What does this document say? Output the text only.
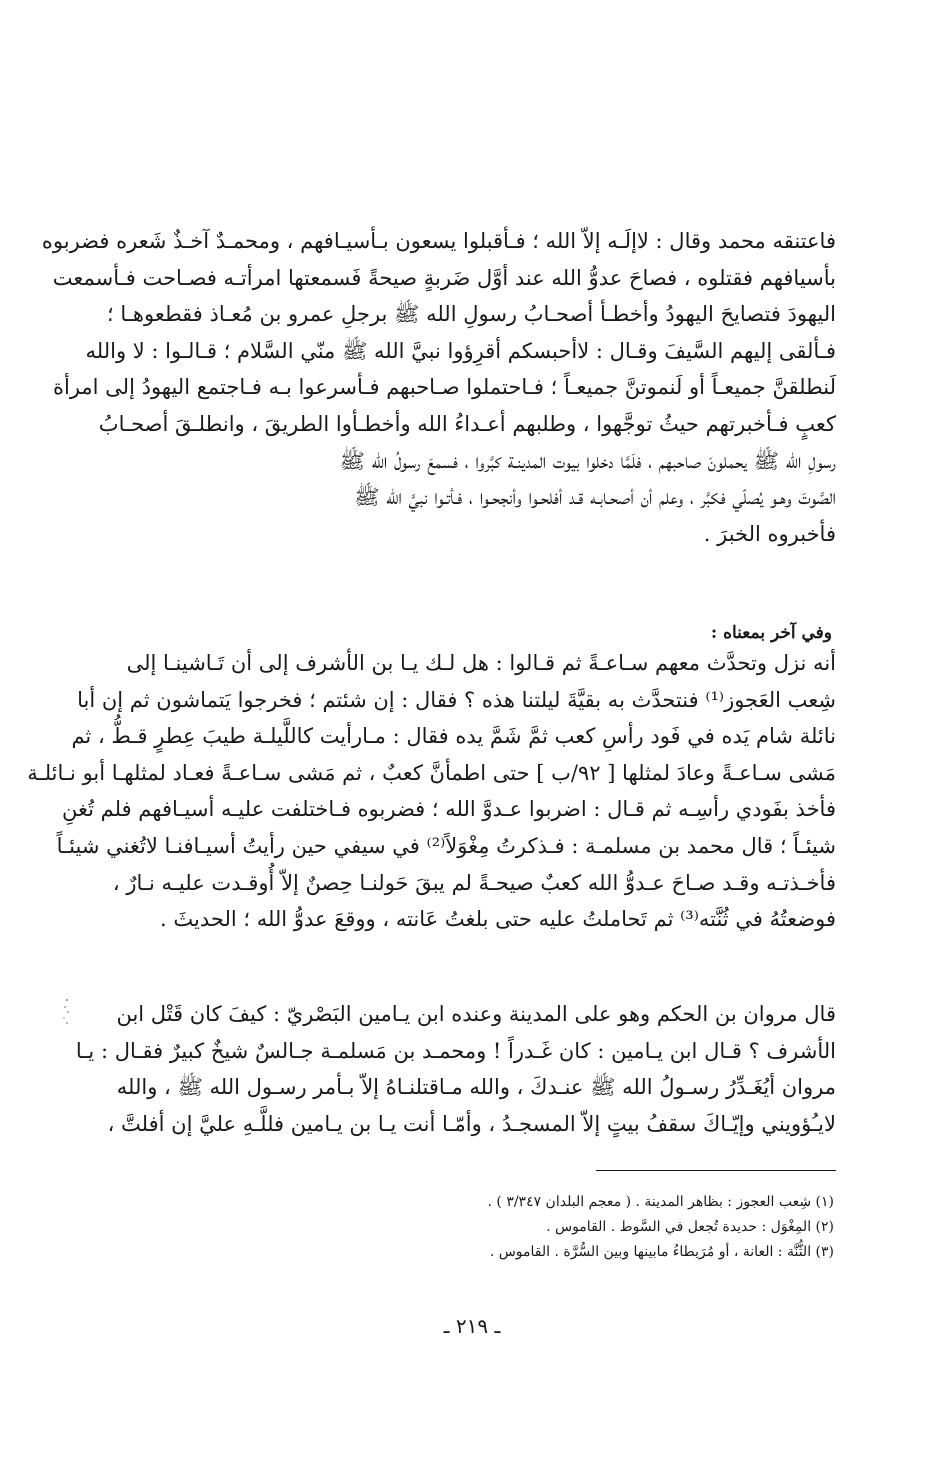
فاعتنقه محمد وقال : لاإلَـه إلاّ الله ؛ فـأقبلوا يسعون بـأسيـافهم ، ومحمـدٌ آخـذٌ شَعره فضربوه
بأسيافهم فقتلوه ، فصاحَ عدوُّ الله عند أوَّل ضَربةٍ صيحةً فَسمعتها امرأتـه فصـاحت فـأسمعت
اليهودَ فتصايحَ اليهودُ وأخطـأ أصحـابُ رسولِ الله ﷺ برجلِ عمرو بن مُعـاذ فقطعوهـا ؛
فـألقى إليهم السَّيفَ وقـال : لاأحبسكم أقرِؤوا نبيَّ الله ﷺ منّي السَّلام ؛ قـالـوا : لا والله
لَنطلقنَّ جميعـاً أو لَنموتنَّ جميعـاً ؛ فـاحتملوا صـاحبهم فـأسرعوا بـه فـاجتمع اليهودُ إلى امرأة
كعبٍ فـأخبرتهم حيثُ توجَّهوا ، وطلبهم أعـداءُ الله وأخطـأوا الطريقَ ، وانطلـقَ أصحـابُ
رسولِ الله ﷺ يحملونَ صاحبهم ، فلَمَّا دخلوا بيوت المدينـة كبَّروا ، فسمعَ رسولُ الله ﷺ
الصَّوتَ وهـو يُصلّي فكبَّر ، وعلم أن أصحـابـه قـد أفلحـوا وأنجحـوا ، فـأتـوا نبيَّ الله ﷺ
فأخبروه الخبرَ .
وفي آخر بمعناه :
أنه نزل وتحدَّث معهم سـاعـةً ثم قـالوا : هل لـك يـا بن الأشرف إلى أن تَـاشينـا إلى
شِعب العَجوز⁽¹⁾ فنتحدَّث به بقيَّةَ ليلتنا هذه ؟ فقال : إن شئتم ؛ فخرجوا يَتماشون ثم إن أبا
نائلة شام يَده في فَود رأسِ كعب ثمَّ شَمَّ يده فقال : مـارأيت كاللَّيلـة طيبَ عِطرٍ قـطُّ ، ثم
مَشى سـاعـةً وعادَ لمثلها [ ٩٢/ب ] حتى اطمأنَّ كعبٌ ، ثم مَشى سـاعـةً فعـاد لمثلهـا أبو نـائلـة
فأخذ بفَودي رأسِـه ثم قـال : اضربوا عـدوَّ الله ؛ فضربوه فـاختلفت عليـه أسيـافهم فلم تُغنِ
شيئـاً ؛ قال محمد بن مسلمـة : فـذكرتُ مِغْوَلاً⁽²⁾ في سيفي حين رأيتُ أسيـافنـا لاتُغني شيئـاً
فأخـذتـه وقـد صـاحَ عـدوُّ الله كعبٌ صيحـةً لم يبقَ حَولنـا حِصنٌ إلاّ أُوقـدت عليـه نـارٌ ،
فوضعتُهُ في ثُنَّته⁽³⁾ ثم تَحاملتُ عليه حتى بلغتُ عَانته ، ووقعَ عدوُّ الله ؛ الحديثَ .
قال مروان بن الحكم وهو على المدينة وعنده ابن يـامين البَصْريّ : كيفَ كان قَتْل ابن
الأشرف ؟ قـال ابن يـامين : كان غَـدراً ! ومحمـد بن مَسلمـة جـالسٌ شيخٌ كبيرٌ فقـال : يـا
مروان أيُغَـدِّرُ رسـولُ الله ﷺ عنـدكَ ، والله مـاقتلنـاهُ إلاّ بـأمر رسـول الله ﷺ ، والله
لايـُؤويني وإيّـاكَ سقفُ بيتٍ إلاّ المسجـدُ ، وأمّـا أنت يـا بن يـامين فللَّـهِ عليَّ إن أفلتَّ ،
(١) شِعب العجوز : بظاهر المدينة . ( معجم البلدان ٣/٣٤٧ ) .
(٢) المِغْوَل : حديدة تُجعل في السَّوط . القاموس .
(٣) الثُّنَّة : العانة ، أو مُرَيطاءُ مابينها وبين السُّرَّة . القاموس .
ـ ٢١٩ ـ
